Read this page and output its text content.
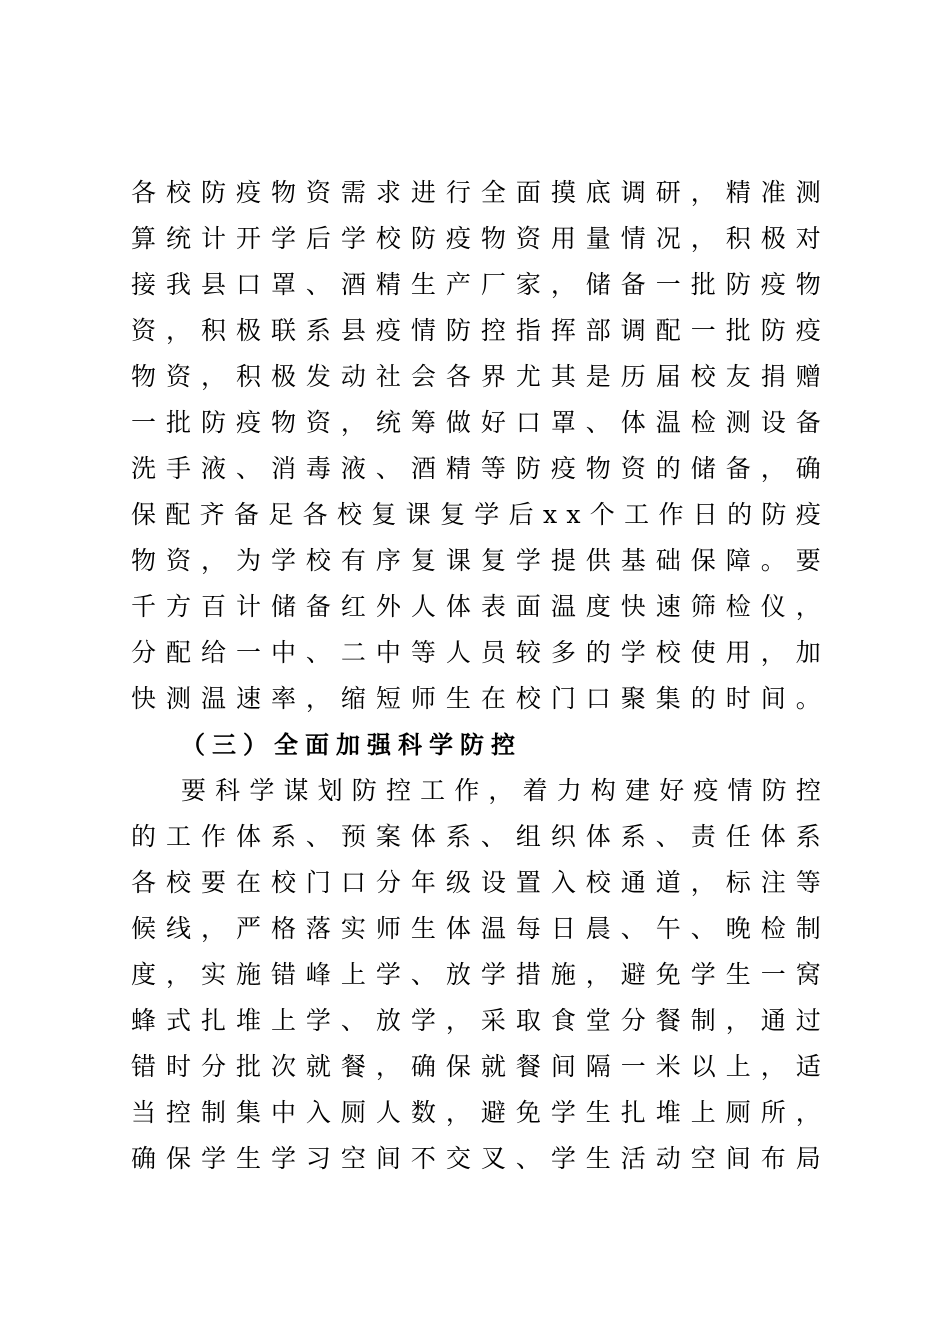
各 校 防 疫 物 资 需 求 进 行 全 面 摸 底 调 研 ， 精 准 测
算 统 计 开 学 后 学 校 防 疫 物 资 用 量 情 况 ， 积 极 对
接 我 县 口 罩 、 酒 精 生 产 厂 家 ， 储 备 一 批 防 疫 物
资 ， 积 极 联 系 县 疫 情 防 控 指 挥 部 调 配 一 批 防 疫
物 资 ， 积 极 发 动 社 会 各 界 尤 其 是 历 届 校 友 捐 赠
一 批 防 疫 物 资 ， 统 筹 做 好 口 罩 、 体 温 检 测 设 备
洗 手 液 、 消 毒 液 、 酒 精 等 防 疫 物 资 的 储 备 ， 确
保 配 齐 备 足 各 校 复 课 复 学 后 x x 个 工 作 日 的 防 疫
物 资 ， 为 学 校 有 序 复 课 复 学 提 供 基 础 保 障 。 要
千 方 百 计 储 备 红 外 人 体 表 面 温 度 快 速 筛 检 仪 ，
分 配 给 一 中 、 二 中 等 人 员 较 多 的 学 校 使 用 ， 加
快 测 温 速 率 ， 缩 短 师 生 在 校 门 口 聚 集 的 时 间 。
（三）全面加强科学防控
要 科 学 谋 划 防 控 工 作 ， 着 力 构 建 好 疫 情 防 控
的 工 作 体 系 、 预 案 体 系 、 组 织 体 系 、 责 任 体 系
各 校 要 在 校 门 口 分 年 级 设 置 入 校 通 道 ， 标 注 等
候 线 ， 严 格 落 实 师 生 体 温 每 日 晨 、 午 、 晚 检 制
度 ， 实 施 错 峰 上 学 、 放 学 措 施 ， 避 免 学 生 一 窝
蜂 式 扎 堆 上 学 、 放 学 ， 采 取 食 堂 分 餐 制 ， 通 过
错 时 分 批 次 就 餐 ， 确 保 就 餐 间 隔 一 米 以 上 ， 适
当 控 制 集 中 入 厕 人 数 ， 避 免 学 生 扎 堆 上 厕 所 ，
确 保 学 生 学 习 空 间 不 交 叉 、 学 生 活 动 空 间 布 局
